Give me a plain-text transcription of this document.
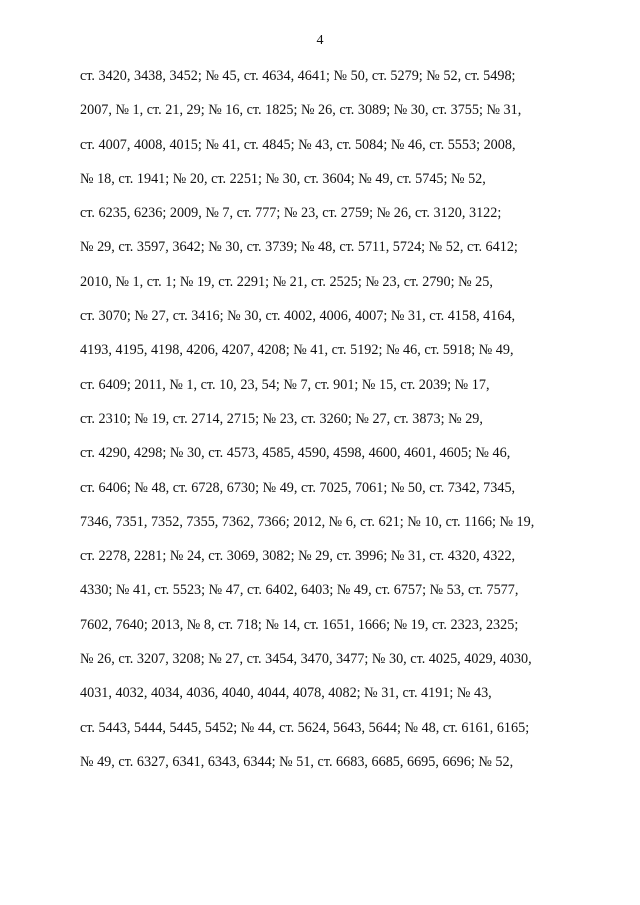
4
ст. 3420, 3438, 3452; № 45, ст. 4634, 4641; № 50, ст. 5279; № 52, ст. 5498;
2007, № 1, ст. 21, 29; № 16, ст. 1825; № 26, ст. 3089; № 30, ст. 3755; № 31,
ст. 4007, 4008, 4015; № 41, ст. 4845; № 43, ст. 5084; № 46, ст. 5553; 2008,
№ 18, ст. 1941; № 20, ст. 2251; № 30, ст. 3604; № 49, ст. 5745; № 52,
ст. 6235, 6236; 2009, № 7, ст. 777; № 23, ст. 2759; № 26, ст. 3120, 3122;
№ 29, ст. 3597, 3642; № 30, ст. 3739; № 48, ст. 5711, 5724; № 52, ст. 6412;
2010, № 1, ст. 1; № 19, ст. 2291; № 21, ст. 2525; № 23, ст. 2790; № 25,
ст. 3070; № 27, ст. 3416; № 30, ст. 4002, 4006, 4007; № 31, ст. 4158, 4164,
4193, 4195, 4198, 4206, 4207, 4208; № 41, ст. 5192; № 46, ст. 5918; № 49,
ст. 6409; 2011, № 1, ст. 10, 23, 54; № 7, ст. 901; № 15, ст. 2039; № 17,
ст. 2310; № 19, ст. 2714, 2715; № 23, ст. 3260; № 27, ст. 3873; № 29,
ст. 4290, 4298; № 30, ст. 4573, 4585, 4590, 4598, 4600, 4601, 4605; № 46,
ст. 6406; № 48, ст. 6728, 6730; № 49, ст. 7025, 7061; № 50, ст. 7342, 7345,
7346, 7351, 7352, 7355, 7362, 7366; 2012, № 6, ст. 621; № 10, ст. 1166; № 19,
ст. 2278, 2281; № 24, ст. 3069, 3082; № 29, ст. 3996; № 31, ст. 4320, 4322,
4330; № 41, ст. 5523; № 47, ст. 6402, 6403; № 49, ст. 6757; № 53, ст. 7577,
7602, 7640; 2013, № 8, ст. 718; № 14, ст. 1651, 1666; № 19, ст. 2323, 2325;
№ 26, ст. 3207, 3208; № 27, ст. 3454, 3470, 3477; № 30, ст. 4025, 4029, 4030,
4031, 4032, 4034, 4036, 4040, 4044, 4078, 4082; № 31, ст. 4191; № 43,
ст. 5443, 5444, 5445, 5452; № 44, ст. 5624, 5643, 5644; № 48, ст. 6161, 6165;
№ 49, ст. 6327, 6341, 6343, 6344; № 51, ст. 6683, 6685, 6695, 6696; № 52,
